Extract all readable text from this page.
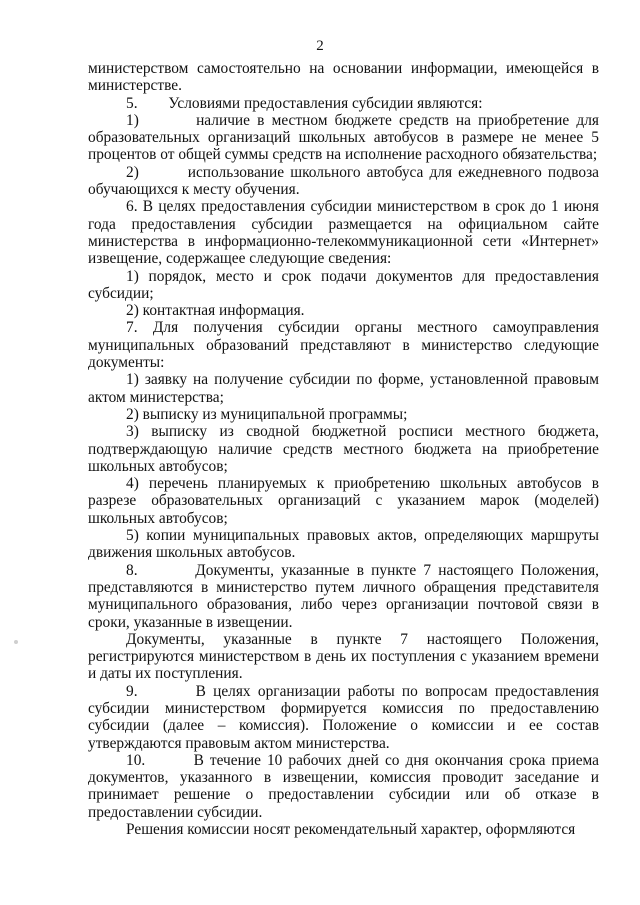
2

министерством самостоятельно на основании информации, имеющейся в министерстве.

5.        Условиями предоставления субсидии являются:

1)        наличие в местном бюджете средств на приобретение для образовательных организаций школьных автобусов в размере не менее 5 процентов от общей суммы средств на исполнение расходного обязательства;

2)        использование школьного автобуса для ежедневного подвоза обучающихся к месту обучения.

6. В целях предоставления субсидии министерством в срок до 1 июня года предоставления субсидии размещается на официальном сайте министерства в информационно-телекоммуникационной сети «Интернет» извещение, содержащее следующие сведения:

1) порядок, место и срок подачи документов для предоставления субсидии;

2) контактная информация.

7. Для получения субсидии органы местного самоуправления муниципальных образований представляют в министерство следующие документы:

1) заявку на получение субсидии по форме, установленной правовым актом министерства;

2) выписку из муниципальной программы;

3) выписку из сводной бюджетной росписи местного бюджета, подтверждающую наличие средств местного бюджета на приобретение школьных автобусов;

4) перечень планируемых к приобретению школьных автобусов в разрезе образовательных организаций с указанием марок (моделей) школьных автобусов;

5) копии муниципальных правовых актов, определяющих маршруты движения школьных автобусов.

8.        Документы, указанные в пункте 7 настоящего Положения, представляются в министерство путем личного обращения представителя муниципального образования, либо через организации почтовой связи в сроки, указанные в извещении.

Документы, указанные в пункте 7 настоящего Положения, регистрируются министерством в день их поступления с указанием времени и даты их поступления.

9.        В целях организации работы по вопросам предоставления субсидии министерством формируется комиссия по предоставлению субсидии (далее – комиссия). Положение о комиссии и ее состав утверждаются правовым актом министерства.

10.        В течение 10 рабочих дней со дня окончания срока приема документов, указанного в извещении, комиссия проводит заседание и принимает решение о предоставлении субсидии или об отказе в предоставлении субсидии.

Решения комиссии носят рекомендательный характер, оформляются
